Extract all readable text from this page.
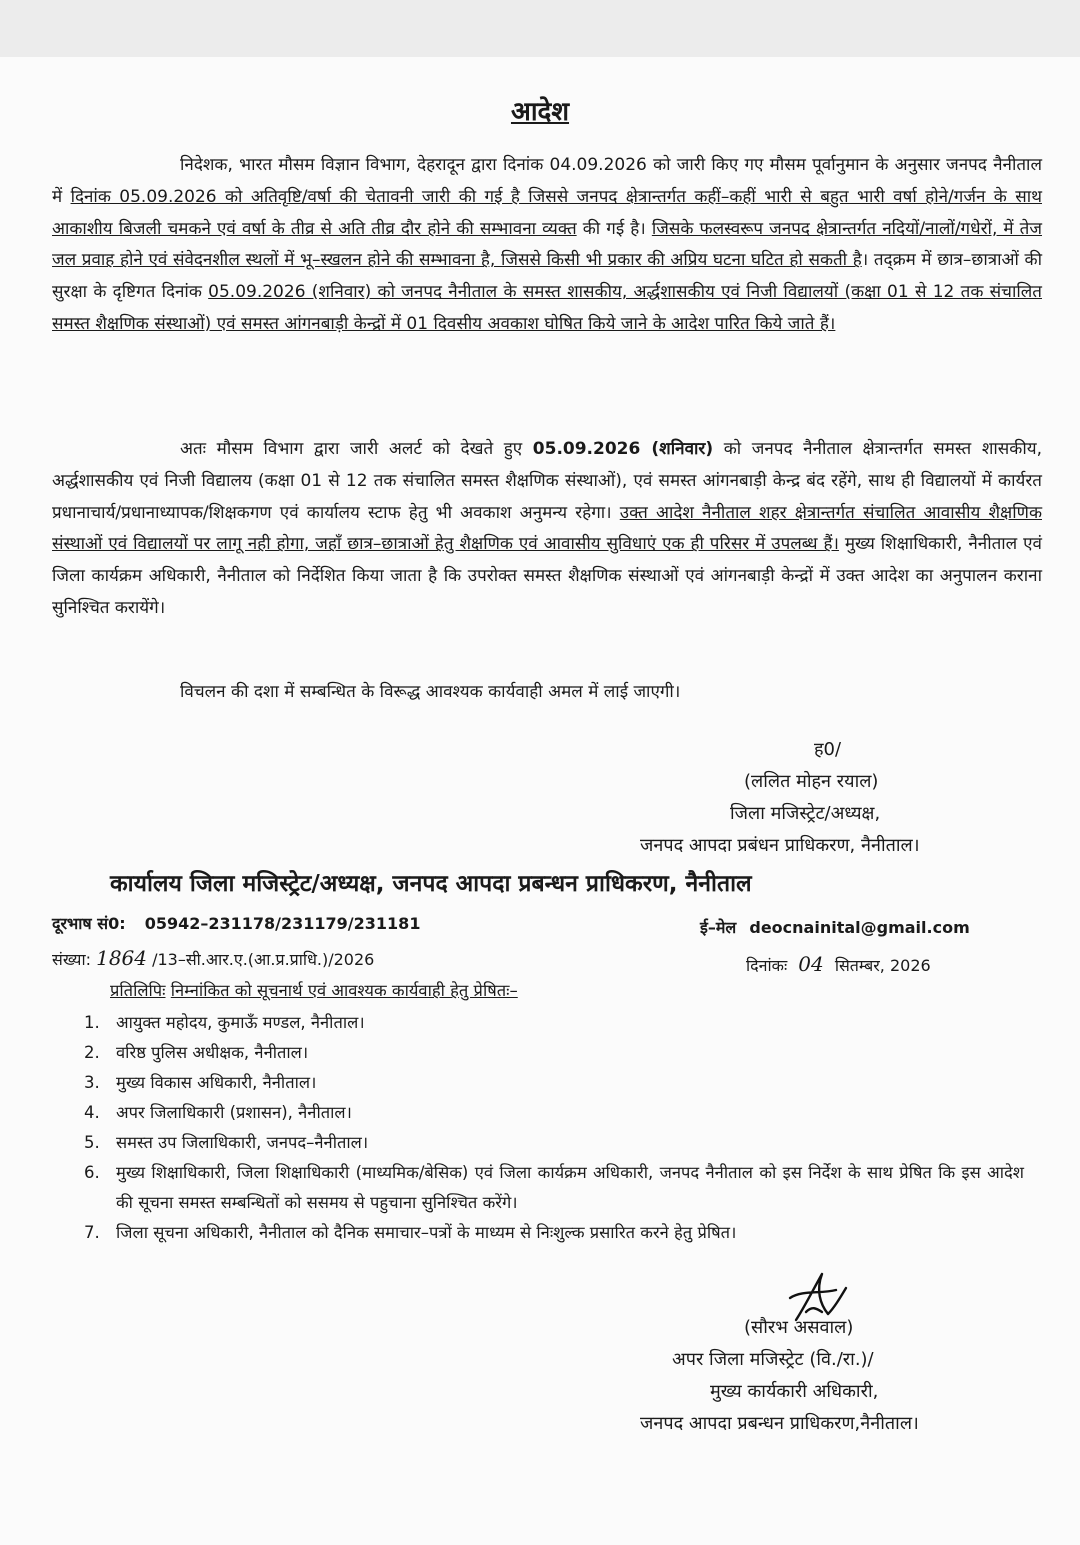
आदेश

निदेशक, भारत मौसम विज्ञान विभाग, देहरादून द्वारा दिनांक 04.09.2026 को जारी किए गए मौसम पूर्वानुमान के अनुसार जनपद नैनीताल में दिनांक 05.09.2026 को अतिवृष्टि/वर्षा की चेतावनी जारी की गई है जिससे जनपद क्षेत्रान्तर्गत कहीं–कहीं भारी से बहुत भारी वर्षा होने/गर्जन के साथ आकाशीय बिजली चमकने एवं वर्षा के तीव्र से अति तीव्र दौर होने की सम्भावना व्यक्त की गई है। जिसके फलस्वरूप जनपद क्षेत्रान्तर्गत नदियों/नालों/गधेरों, में तेज जल प्रवाह होने एवं संवेदनशील स्थलों में भू–स्खलन होने की सम्भावना है, जिससे किसी भी प्रकार की अप्रिय घटना घटित हो सकती है। तद्क्रम में छात्र–छात्राओं की सुरक्षा के दृष्टिगत दिनांक 05.09.2026 (शनिवार) को जनपद नैनीताल के समस्त शासकीय, अर्द्धशासकीय एवं निजी विद्यालयों (कक्षा 01 से 12 तक संचालित समस्त शैक्षणिक संस्थाओं) एवं समस्त आंगनबाड़ी केन्द्रों में 01 दिवसीय अवकाश घोषित किये जाने के आदेश पारित किये जाते हैं।

अतः मौसम विभाग द्वारा जारी अलर्ट को देखते हुए 05.09.2026 (शनिवार) को जनपद नैनीताल क्षेत्रान्तर्गत समस्त शासकीय, अर्द्धशासकीय एवं निजी विद्यालय (कक्षा 01 से 12 तक संचालित समस्त शैक्षणिक संस्थाओं), एवं समस्त आंगनबाड़ी केन्द्र बंद रहेंगे, साथ ही विद्यालयों में कार्यरत प्रधानाचार्य/प्रधानाध्यापक/शिक्षकगण एवं कार्यालय स्टाफ हेतु भी अवकाश अनुमन्य रहेगा। उक्त आदेश नैनीताल शहर क्षेत्रान्तर्गत संचालित आवासीय शैक्षणिक संस्थाओं एवं विद्यालयों पर लागू नही होगा, जहाँ छात्र–छात्राओं हेतु शैक्षणिक एवं आवासीय सुविधाएं एक ही परिसर में उपलब्ध हैं। मुख्य शिक्षाधिकारी, नैनीताल एवं जिला कार्यक्रम अधिकारी, नैनीताल को निर्देशित किया जाता है कि उपरोक्त समस्त शैक्षणिक संस्थाओं एवं आंगनबाड़ी केन्द्रों में उक्त आदेश का अनुपालन कराना सुनिश्चित करायेंगे।

विचलन की दशा में सम्बन्धित के विरूद्ध आवश्यक कार्यवाही अमल में लाई जाएगी।

ह0/
(ललित मोहन रयाल)
जिला मजिस्ट्रेट/अध्यक्ष,
जनपद आपदा प्रबंधन प्राधिकरण, नैनीताल।
कार्यालय जिला मजिस्ट्रेट/अध्यक्ष, जनपद आपदा प्रबन्धन प्राधिकरण, नैनीताल
दूरभाष सं0: 05942–231178/231179/231181	ई–मेल deocnainital@gmail.com
संख्या: 1864 /13–सी.आर.ए.(आ.प्र.प्राधि.)/2026	दिनांकः 04 सितम्बर, 2026
प्रतिलिपिः निम्नांकित को सूचनार्थ एवं आवश्यक कार्यवाही हेतु प्रेषितः–
1. आयुक्त महोदय, कुमाऊँ मण्डल, नैनीताल।
2. वरिष्ठ पुलिस अधीक्षक, नैनीताल।
3. मुख्य विकास अधिकारी, नैनीताल।
4. अपर जिलाधिकारी (प्रशासन), नैनीताल।
5. समस्त उप जिलाधिकारी, जनपद–नैनीताल।
6. मुख्य शिक्षाधिकारी, जिला शिक्षाधिकारी (माध्यमिक/बेसिक) एवं जिला कार्यक्रम अधिकारी, जनपद नैनीताल को इस निर्देश के साथ प्रेषित कि इस आदेश की सूचना समस्त सम्बन्धितों को ससमय से पहुचाना सुनिश्चित करेंगे।
7. जिला सूचना अधिकारी, नैनीताल को दैनिक समाचार–पत्रों के माध्यम से निःशुल्क प्रसारित करने हेतु प्रेषित।
(सौरभ असवाल)
अपर जिला मजिस्ट्रेट (वि./रा.)/
मुख्य कार्यकारी अधिकारी,
जनपद आपदा प्रबन्धन प्राधिकरण,नैनीताल।
